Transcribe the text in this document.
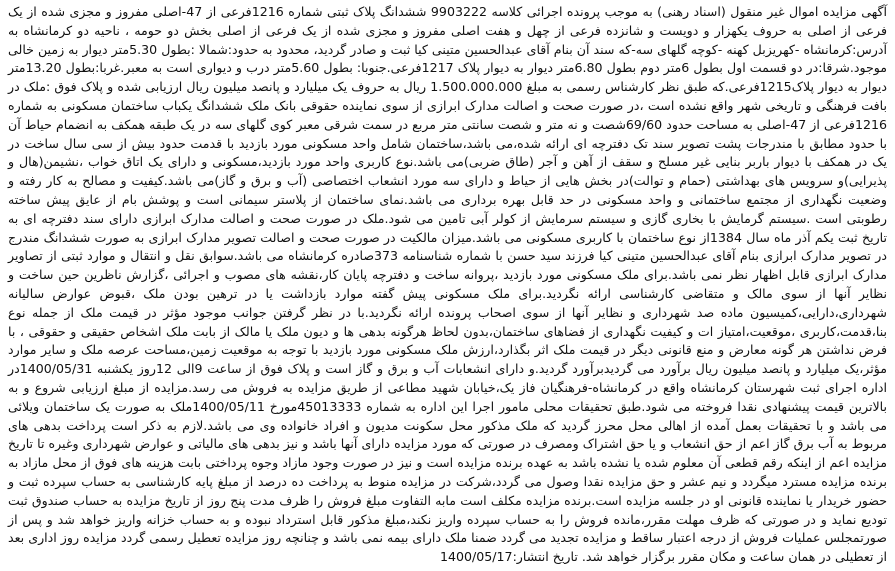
آگهی مزایده اموال غیر منقول (اسناد رهنی) به موجب پرونده اجرائی کلاسه 9903222 ششدانگ پلاک ثبتی شماره 1216فرعی از 47-اصلی مفروز و مجزی شده از یک فرعی از اصلی به حروف یکهزار و دویست و شانزده فرعی از چهل و هفت اصلی مفروز و مجزی شده از یک فرعی از اصلی بخش دو حومه ، ناحیه دو کرمانشاه به آدرس:کرمانشاه -کهریزبل کهنه -کوچه گلهای سه-که سند آن بنام آقای عبدالحسین متینی کیا ثبت و صادر گردید، محدود به حدود:شمالا :بطول 5.30متر دیوار به زمین خالی موجود.شرقا:در دو قسمت اول بطول 6متر دوم بطول 6.80متر دیوار به دیوار پلاک 1217فرعی.جنوبا: بطول 5.60متر درب و دیواری است به معبر.غربا:بطول 13.20متر دیوار به دیوار پلاک1215فرعی.که طبق نظر کارشناس رسمی به مبلغ 1.500.000.000 ریال به حروف یک میلیارد و پانصد میلیون ریال ارزیابی شده و پلاک فوق :ملک در بافت فرهنگی و تاریخی شهر واقع نشده است ،در صورت صحت و اصالت مدارک ابرازی از سوی نماینده حقوقی بانک ملک ششدانگ یکباب ساختمان مسکونی به شماره 1216فرعی از 47-اصلی به مساحت حدود 69/60شصت و نه متر و شصت سانتی متر مربع در سمت شرقی معبر کوی گلهای سه در یک طبقه همکف به انضمام حیاط آن با حدود مطابق با مندرجات پشت تصویر سند تک دفترچه ای ارائه شده،می باشد،ساختمان شامل واحد مسکونی مورد بازدید با قدمت حدود بیش از سی سال ساخت در یک در همکف با دیوار باربر بنایی غیر مسلح و سقف از آهن و آجر (طاق ضربی)می باشد.نوع کاربری واحد مورد بازدید،مسکونی و دارای یک اتاق خواب ،نشیمن(هال و پذیرایی)و سرویس های بهداشتی (حمام و توالت)در بخش هایی از حیاط و دارای سه مورد انشعاب اختصاصی (آب و برق و گاز)می باشد.کیفیت و مصالح به کار رفته و وضعیت نگهداری از مجتمع ساختمانی و واحد مسکونی در حد قابل بهره برداری می باشد.نمای ساختمان از پلاستر سیمانی است و پوشش بام از عایق پیش ساخته رطوبتی است .سیستم گرمایش با بخاری گازی و سیستم سرمایش از کولر آبی تامین می شود.ملک در صورت صحت و اصالت مدارک ابرازی دارای سند دفترچه ای به تاریخ ثبت یکم آذر ماه سال 1384از نوع ساختمان با کاربری مسکونی می باشد.میزان مالکیت در صورت صحت و اصالت تصویر مدارک ابرازی به صورت ششدانگ مندرج در تصویر مدارک ابرازی بنام آقای عبدالحسین متینی کیا فرزند سید حسن با شماره شناسنامه 373صادره کرمانشاه می باشد.سوابق نقل و انتقال و موارد ثبتی از تصاویر مدارک ابرازی قابل اظهار نظر نمی باشد.برای ملک مسکونی مورد بازدید ،پروانه ساخت و دفترچه پایان کار،نقشه های مصوب و اجرائی ،گزارش ناظرین حین ساخت و نظایر آنها از سوی مالک و متقاضی کارشناسی ارائه نگردید.برای ملک مسکونی پیش گفته موارد بازداشت یا در ترهین بودن ملک ،قبوض عوارض سالیانه شهرداری،دارایی،کمیسیون ماده صد شهرداری و نظایر آنها از سوی اصحاب پرونده ارائه نگردید.با در نظر گرفتن جوانب موجود مؤثر در قیمت ملک از جمله نوع بنا،قدمت،کاربری ،موقعیت،امتیاز ات و کیفیت نگهداری از فضاهای ساختمان،بدون لحاظ هرگونه بدهی ها و دیون ملک یا مالک از بابت ملک اشخاص حقیقی و حقوقی ، با فرض نداشتن هر گونه معارض و منع قانونی دیگر در قیمت ملک اثر بگذارد،ارزش ملک مسکونی مورد بازدید با توجه به موقعیت زمین،مساحت عرصه ملک و سایر موارد مؤثر،یک میلیارد و پانصد میلیون ریال برآورد می گردیدبرآورد گردید.و دارای انشعابات آب و برق و گاز است و پلاک فوق از ساعت 9الی 12روز یکشنبه 1400/05/31در اداره اجرای ثبت شهرستان کرمانشاه واقع در کرمانشاه-فرهنگیان فاز یک،خیابان شهید مطاعی از طریق مزایده به فروش می رسد.مزایده از مبلغ ارزیابی شروع و به بالاترین قیمت پیشنهادی نقدا فروخته می شود.طبق تحقیقات محلی مامور اجرا این اداره به شماره 45013333مورخ 1400/05/11ملک به صورت یک ساختمان ویلائی می باشد و با تحقیقات بعمل آمده از اهالی محل محرز گردید که ملک مذکور محل سکونت مدیون و افراد خانواده وی می باشد.لازم به ذکر است پرداخت بدهی های مربوط به آب برق گاز اعم از حق انشعاب و یا حق اشتراک ومصرف در صورتی که مورد مزایده دارای آنها باشد و نیز بدهی های مالیاتی و عوارض شهرداری وغیره تا تاریخ مزایده اعم از اینکه رقم قطعی آن معلوم شده یا نشده باشد به عهده برنده مزایده است و نیز در صورت وجود مازاد وجوه پرداختی بابت هزینه های فوق از محل مازاد به برنده مزایده مسترد میگردد و نیم عشر و حق مزایده نقدا وصول می گردد،شرکت در مزایده منوط به پرداخت ده درصد از مبلغ پایه کارشناسی به حساب سپرده ثبت و حضور خریدار یا نماینده قانونی او در جلسه مزایده است.برنده مزایده مکلف است مابه التفاوت مبلغ فروش را ظرف مدت پنج روز از تاریخ مزایده به حساب صندوق ثبت تودیع نماید و در صورتی که ظرف مهلت مقرر،مانده فروش را به حساب سپرده واریز نکند،مبلغ مذکور قابل استرداد نبوده و به حساب خزانه واریز خواهد شد و پس از صورتمجلس عملیات فروش از درجه اعتبار ساقط و مزایده تجدید می گردد ضمنا ملک دارای بیمه نمی باشد و چنانچه روز مزایده تعطیل رسمی گردد مزایده روز اداری بعد از تعطیلی در همان ساعت و مکان مقرر برگزار خواهد شد. تاریخ انتشار:1400/05/17
